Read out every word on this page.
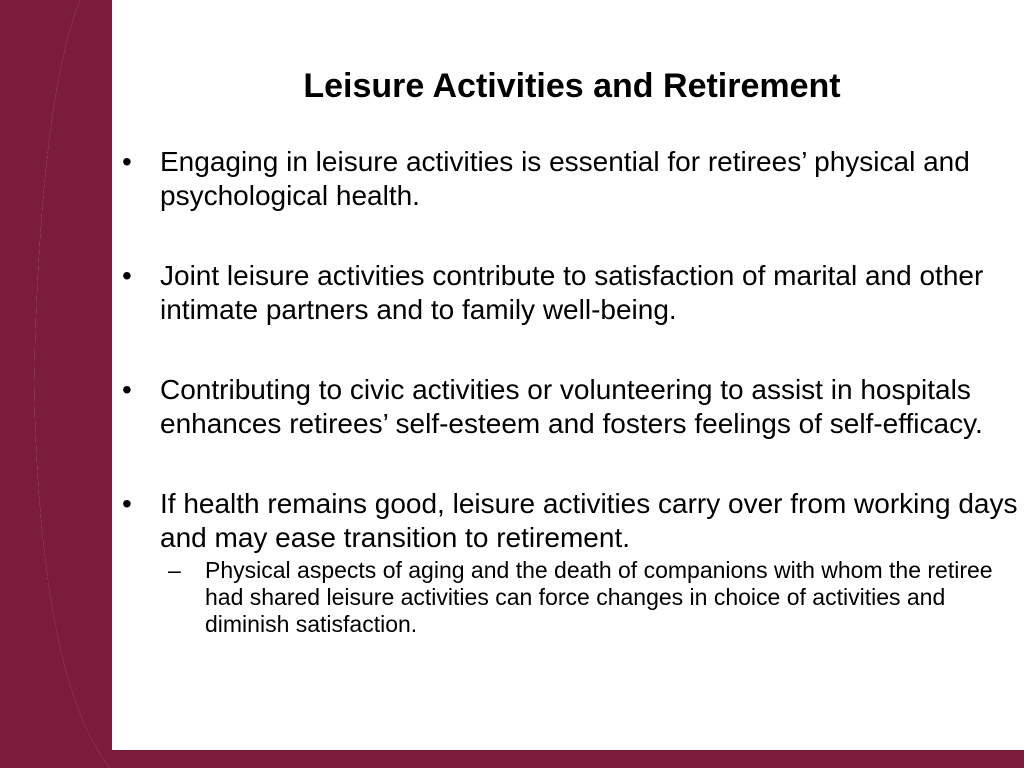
Leisure Activities and Retirement
• Engaging in leisure activities is essential for retirees’ physical and psychological health.
• Joint leisure activities contribute to satisfaction of marital and other intimate partners and to family well-being.
• Contributing to civic activities or volunteering to assist in hospitals enhances retirees’ self-esteem and fosters feelings of self-efficacy.
• If health remains good, leisure activities carry over from working days and may ease transition to retirement.
– Physical aspects of aging and the death of companions with whom the retiree had shared leisure activities can force changes in choice of activities and diminish satisfaction.
